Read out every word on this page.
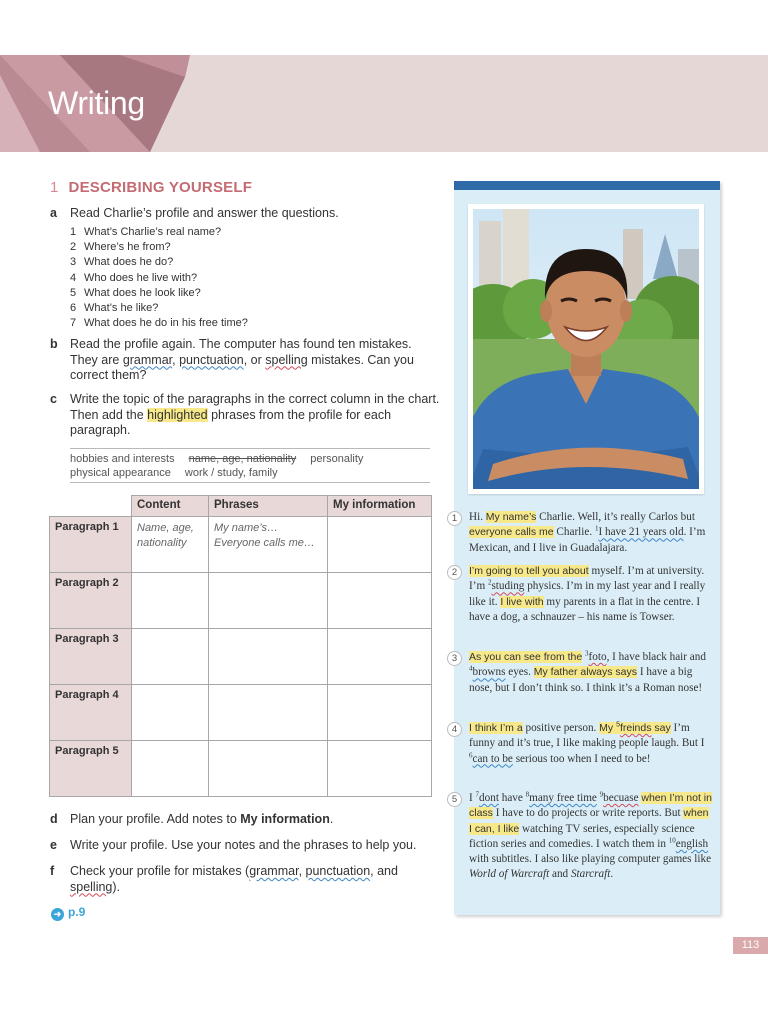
Writing
1 DESCRIBING YOURSELF
a Read Charlie’s profile and answer the questions.
1 What’s Charlie’s real name?
2 Where’s he from?
3 What does he do?
4 Who does he live with?
5 What does he look like?
6 What’s he like?
7 What does he do in his free time?
b Read the profile again. The computer has found ten mistakes. They are grammar, punctuation, or spelling mistakes. Can you correct them?
c Write the topic of the paragraphs in the correct column in the chart. Then add the highlighted phrases from the profile for each paragraph.
hobbies and interests name, age, nationality personality
physical appearance work / study, family
	Content	Phrases	My information
Paragraph 1	Name, age, nationality	My name’s…
Everyone calls me…	
Paragraph 2			
Paragraph 3			
Paragraph 4			
Paragraph 5			
d Plan your profile. Add notes to My information.
e Write your profile. Use your notes and the phrases to help you.
f Check your profile for mistakes (grammar, punctuation, and spelling).
➜ p.9
1	Hi. My name’s Charlie. Well, it’s really Carlos but everyone calls me Charlie. $^1$I have 21 years old. I’m Mexican, and I live in Guadalajara.
2	I’m going to tell you about myself. I’m at university. I’m $^2$studing physics. I’m in my last year and I really like it. I live with my parents in a flat in the centre. I have a dog, a schnauzer – his name is Towser.
3	As you can see from the $^3$foto, I have black hair and $^4$browns eyes. My father always says I have a big nose, but I don’t think so. I think it’s a Roman nose!
4	I think I’m a positive person. My $^5$freinds say I’m funny and it’s true, I like making people laugh. But I $^6$can to be serious too when I need to be!
5	I $^7$dont have $^8$many free time $^9$becuase when I’m not in class I have to do projects or write reports. But when I can, I like watching TV series, especially science fiction series and comedies. I watch them in $^{10}$english with subtitles. I also like playing computer games like World of Warcraft and Starcraft.
113
